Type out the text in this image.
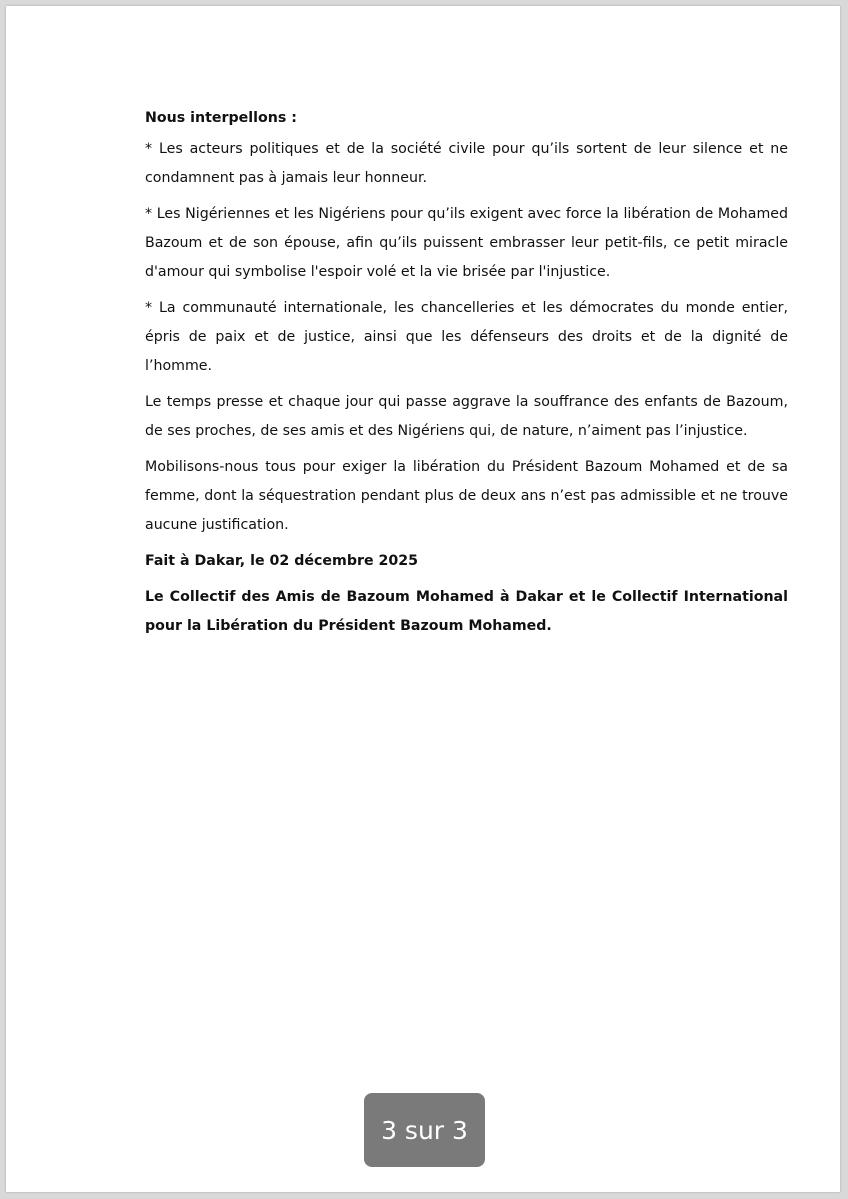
Nous interpellons :

* Les acteurs politiques et de la société civile pour qu’ils sortent de leur silence et ne condamnent pas à jamais leur honneur.

* Les Nigériennes et les Nigériens pour qu’ils exigent avec force la libération de Mohamed Bazoum et de son épouse, afin qu’ils puissent embrasser leur petit-fils, ce petit miracle d'amour qui symbolise l'espoir volé et la vie brisée par l'injustice.

* La communauté internationale, les chancelleries et les démocrates du monde entier, épris de paix et de justice, ainsi que les défenseurs des droits et de la dignité de l’homme.

Le temps presse et chaque jour qui passe aggrave la souffrance des enfants de Bazoum, de ses proches, de ses amis et des Nigériens qui, de nature, n’aiment pas l’injustice.

Mobilisons-nous tous pour exiger la libération du Président Bazoum Mohamed et de sa femme, dont la séquestration pendant plus de deux ans n’est pas admissible et ne trouve aucune justification.

Fait à Dakar, le 02 décembre 2025

Le Collectif des Amis de Bazoum Mohamed à Dakar et le Collectif International pour la Libération du Président Bazoum Mohamed.

3 sur 3
